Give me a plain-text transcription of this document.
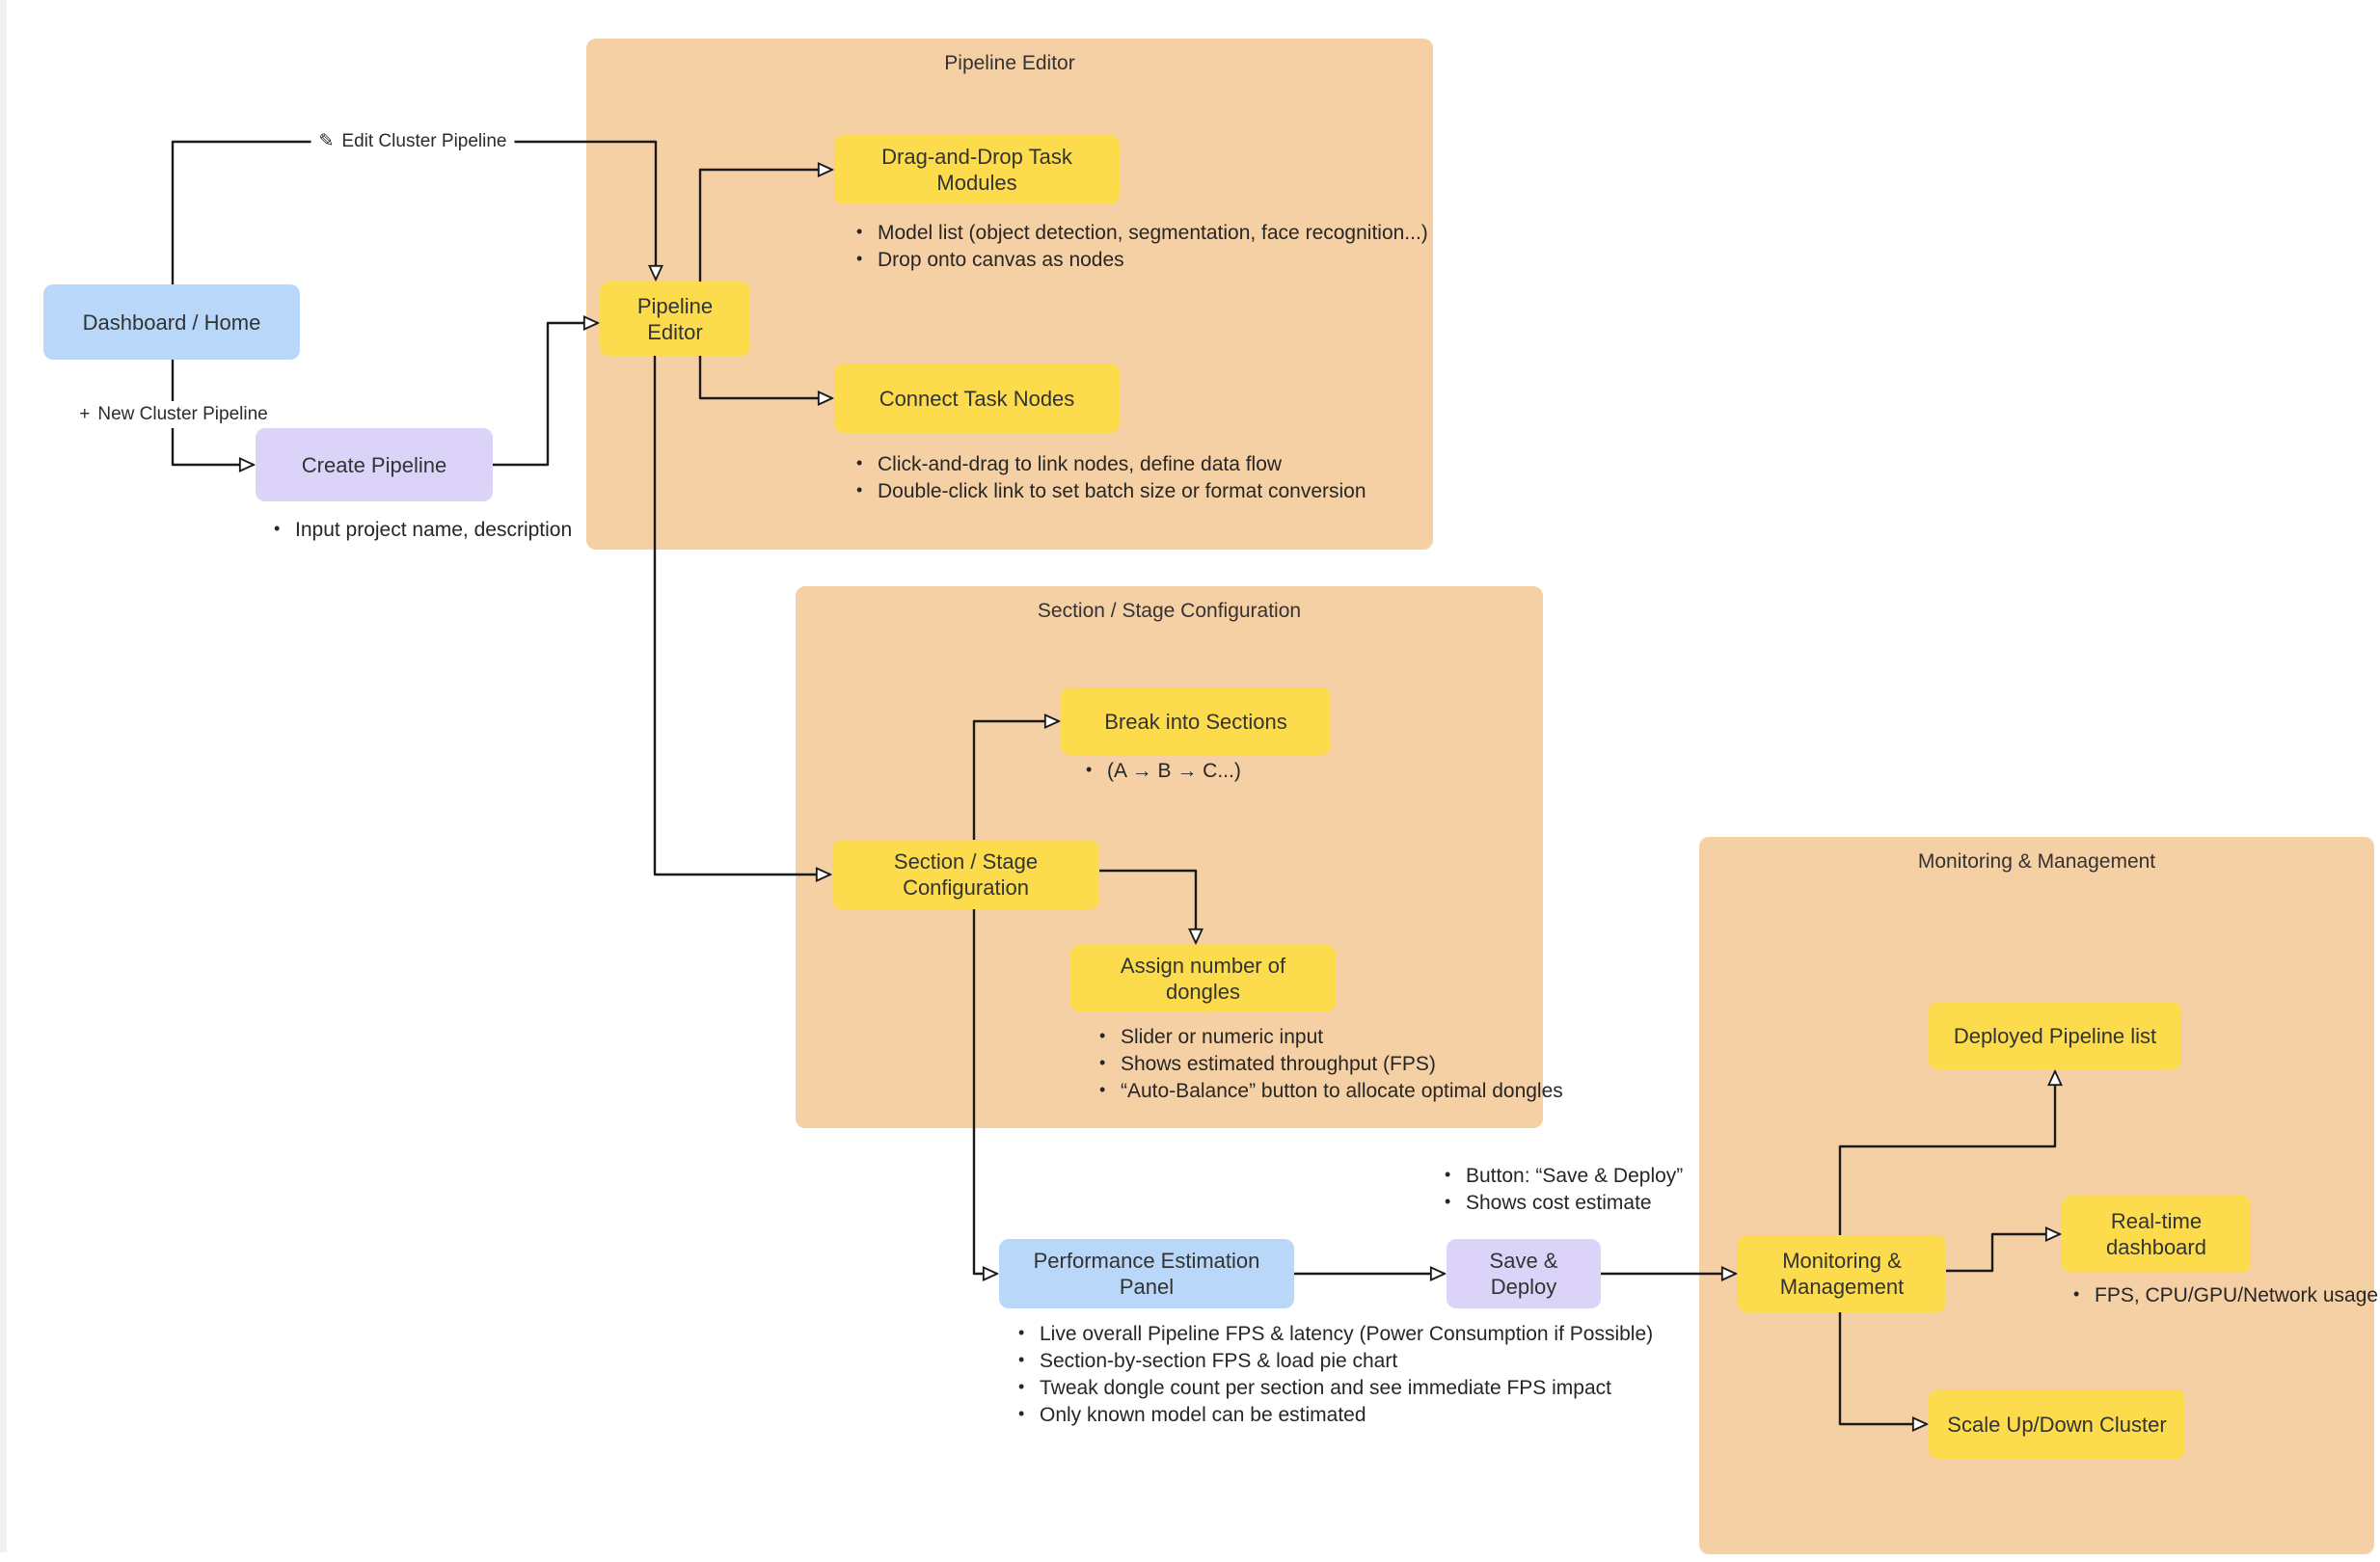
Pipeline Editor
Section / Stage Configuration
Monitoring & Management
✎ Edit Cluster Pipeline
+ New Cluster Pipeline
Dashboard / Home
Create Pipeline
Pipeline Editor
Drag-and-Drop Task Modules
Connect Task Nodes
Break into Sections
Section / Stage Configuration
Assign number of dongles
Performance Estimation Panel
Save & Deploy
Monitoring & Management
Deployed Pipeline list
Real-time dashboard
Scale Up/Down Cluster
• Input project name, description
• Model list (object detection, segmentation, face recognition...)
• Drop onto canvas as nodes
• Click-and-drag to link nodes, define data flow
• Double-click link to set batch size or format conversion
• (A → B → C...)
• Slider or numeric input
• Shows estimated throughput (FPS)
• “Auto-Balance” button to allocate optimal dongles
• Button: “Save & Deploy”
• Shows cost estimate
• Live overall Pipeline FPS & latency (Power Consumption if Possible)
• Section-by-section FPS & load pie chart
• Tweak dongle count per section and see immediate FPS impact
• Only known model can be estimated
• FPS, CPU/GPU/Network usage
